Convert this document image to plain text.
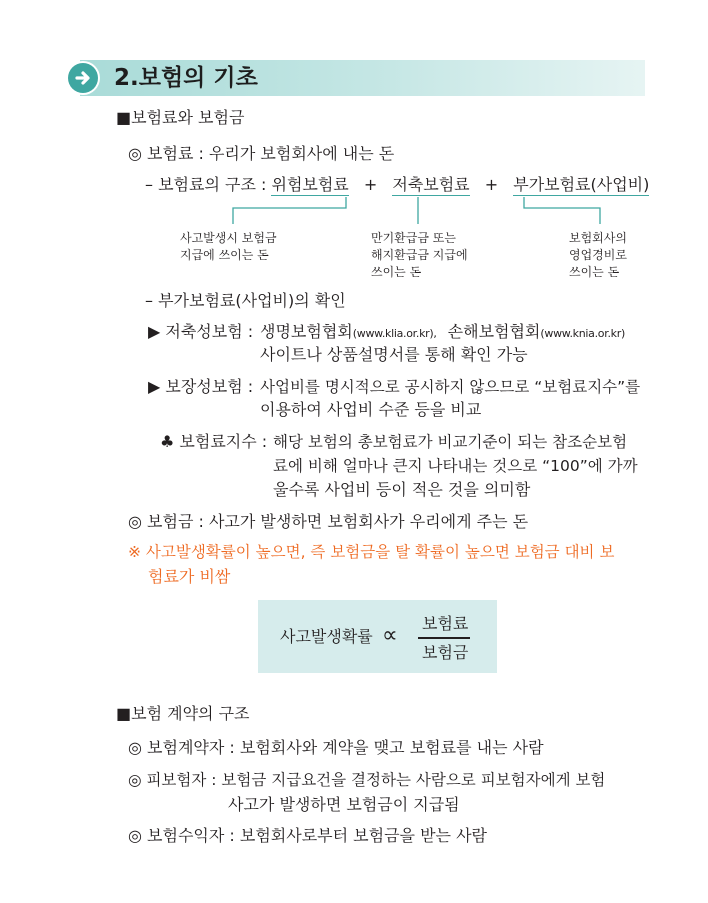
2.보험의 기초
■보험료와 보험금
◎ 보험료 : 우리가 보험회사에 내는 돈
– 보험료의 구조 : 위험보험료 + 저축보험료 + 부가보험료(사업비)
사고발생시 보험금
지급에 쓰이는 돈
만기환급금 또는
해지환급금 지급에
쓰이는 돈
보험회사의
영업경비로
쓰이는 돈
– 부가보험료(사업비)의 확인
▶ 저축성보험 : 생명보험협회(www.klia.or.kr), 손해보험협회(www.knia.or.kr)
사이트나 상품설명서를 통해 확인 가능
▶ 보장성보험 : 사업비를 명시적으로 공시하지 않으므로 “보험료지수”를
이용하여 사업비 수준 등을 비교
♣ 보험료지수 : 해당 보험의 총보험료가 비교기준이 되는 참조순보험
료에 비해 얼마나 큰지 나타내는 것으로 “100”에 가까
울수록 사업비 등이 적은 것을 의미함
◎ 보험금 : 사고가 발생하면 보험회사가 우리에게 주는 돈
※ 사고발생확률이 높으면, 즉 보험금을 탈 확률이 높으면 보험금 대비 보
험료가 비쌈
사고발생확률 ∝ 보험료
보험금
■보험 계약의 구조
◎ 보험계약자 : 보험회사와 계약을 맺고 보험료를 내는 사람
◎ 피보험자 : 보험금 지급요건을 결정하는 사람으로 피보험자에게 보험
사고가 발생하면 보험금이 지급됨
◎ 보험수익자 : 보험회사로부터 보험금을 받는 사람
